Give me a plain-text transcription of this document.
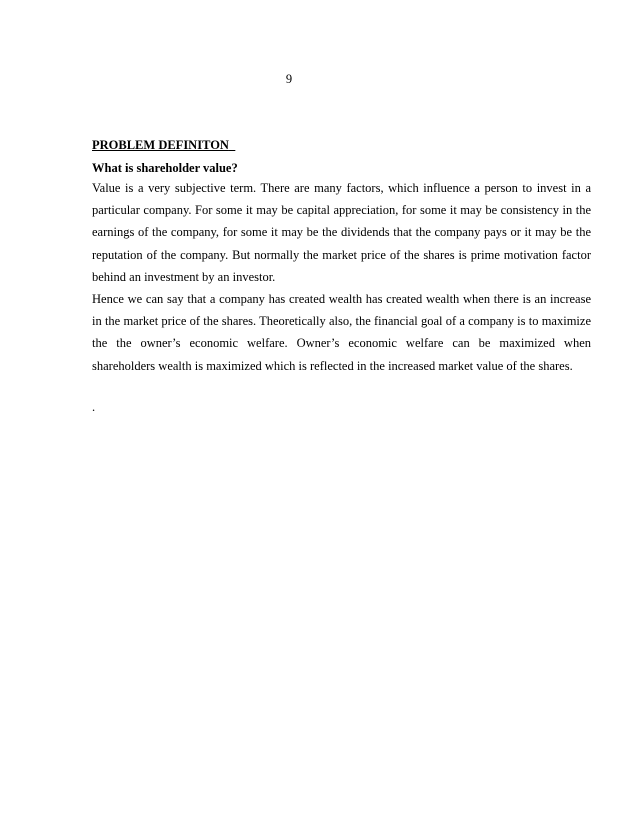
9

PROBLEM DEFINITON

What is shareholder value?

Value is a very subjective term. There are many factors, which influence a person to invest in a particular company. For some it may be capital appreciation, for some it may be consistency in the earnings of the company, for some it may be the dividends that the company pays or it may be the reputation of the company. But normally the market price of the shares is prime motivation factor behind an investment by an investor.

Hence we can say that a company has created wealth has created wealth when there is an increase in the market price of the shares. Theoretically also, the financial goal of a company is to maximize the the owner’s economic welfare. Owner’s economic welfare can be maximized when shareholders wealth is maximized which is reflected in the increased market value of the shares.

.
